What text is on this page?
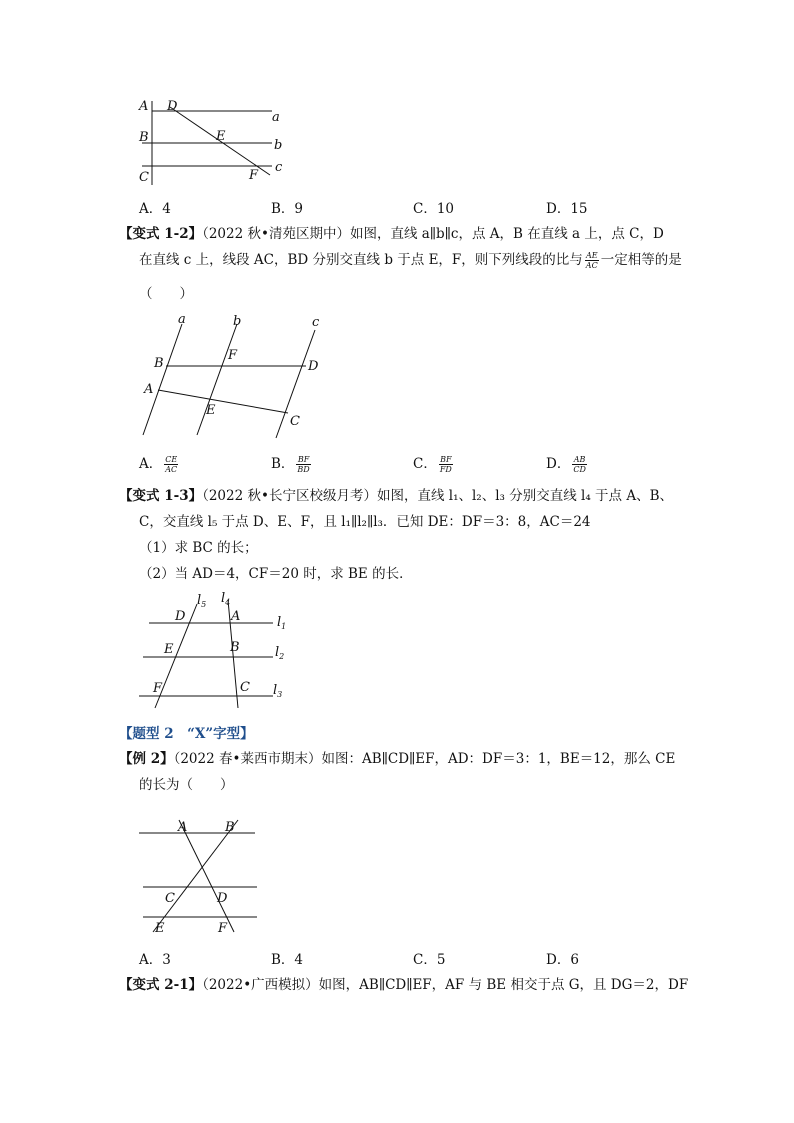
A D
a
B	E
b
C	F
c
A．4	B．9	C．10	D．15
【变式 1-2】（2022 秋•清苑区期中）如图，直线 a∥b∥c，点 A，B 在直线 a 上，点 C，D
在直线 c 上，线段 AC，BD 分别交直线 b 于点 E，F，则下列线段的比与 $\frac{AE}{AC}$ 一定相等的是
（　　）
a	b	c
B
F
D
A
E
C
A． $\frac{CE}{AC}$	B． $\frac{BF}{BD}$	C． $\frac{BF}{FD}$	D． $\frac{AB}{CD}$
【变式 1-3】（2022 秋•长宁区校级月考）如图，直线 l₁、l₂、l₃ 分别交直线 l₄ 于点 A、B、
C，交直线 l₅ 于点 D、E、F，且 l₁∥l₂∥l₃．已知 DE：DF＝3：8，AC＝24
（1）求 BC 的长；
（2）当 AD＝4，CF＝20 时，求 BE 的长．
$l_5$ $l_4$
D	A	$l_1$
E	B	$l_2$
F	C $l_3$
【题型 2　“X”字型】
【例 2】（2022 春•莱西市期末）如图：AB∥CD∥EF，AD：DF＝3：1，BE＝12，那么 CE
的长为（　　）
A	B
C	D
E	F
A．3	B．4	C．5	D．6
【变式 2-1】（2022•广西模拟）如图，AB∥CD∥EF，AF 与 BE 相交于点 G，且 DG＝2，DF
